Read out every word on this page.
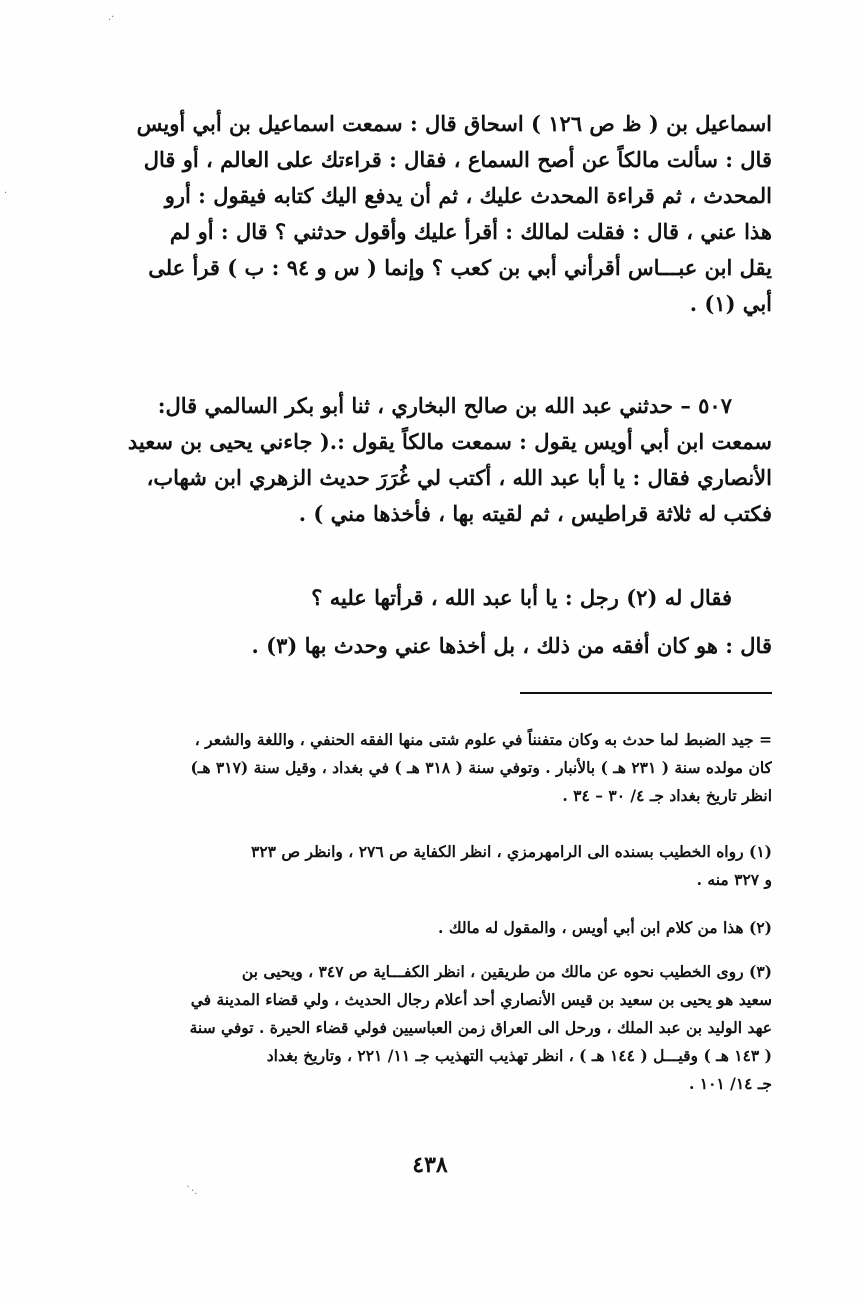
اسماعيل بن ( ظ ص ١٢٦ ) اسحاق قال : سمعت اسماعيل بن أبي أويس
قال : سألت مالكاً عن أصح السماع ، فقال : قراءتك على العالم ، أو قال
المحدث ، ثم قراءة المحدث عليك ، ثم أن يدفع اليك كتابه فيقول : أرو
هذا عني ، قال : فقلت لمالك : أقرأ عليك وأقول حدثني ؟ قال : أو لم
يقل ابن عبـــاس أقرأني أبي بن كعب ؟ وإنما ( س و ٩٤ : ب ) قرأ على
أبي (١) .
٥٠٧ – حدثني عبد الله بن صالح البخاري ، ثنا أبو بكر السالمي قال:
سمعت ابن أبي أويس يقول : سمعت مالكاً يقول :.( جاءني يحيى بن سعيد
الأنصاري فقال : يا أبا عبد الله ، أكتب لي غُرَرَ حديث الزهري ابن شهاب،
فكتب له ثلاثة قراطيس ، ثم لقيته بها ، فأخذها مني ) .
فقال له (٢) رجل : يا أبا عبد الله ، قرأتها عليه ؟
قال : هو كان أفقه من ذلك ، بل أخذها عني وحدث بها (٣) .
= جيد الضبط لما حدث به وكان متفنناً في علوم شتى منها الفقه الحنفي ، واللغة والشعر ،
كان مولده سنة ( ٢٣١ هـ ) بالأنبار . وتوفي سنة ( ٣١٨ هـ ) في بغداد ، وقيل سنة (٣١٧ هـ)
انظر تاريخ بغداد جـ ٤/ ٣٠ – ٣٤ .
(١) رواه الخطيب بسنده الى الرامهرمزي ، انظر الكفاية ص ٢٧٦ ، وانظر ص ٣٢٣
و ٣٢٧ منه .
(٢) هذا من كلام ابن أبي أويس ، والمقول له مالك .
(٣) روى الخطيب نحوه عن مالك من طريقين ، انظر الكفـــاية ص ٣٤٧ ، ويحيى بن
سعيد هو يحيى بن سعيد بن قيس الأنصاري أحد أعلام رجال الحديث ، ولي قضاء المدينة في
عهد الوليد بن عبد الملك ، ورحل الى العراق زمن العباسيين فولي قضاء الحيرة . توفي سنة
( ١٤٣ هـ ) وقيـــل ( ١٤٤ هـ ) ، انظر تهذيب التهذيب جـ ١١/ ٢٢١ ، وتاريخ بغداد
جـ ١٤/ ١٠١ .
٤٣٨
.·
·
`·.
